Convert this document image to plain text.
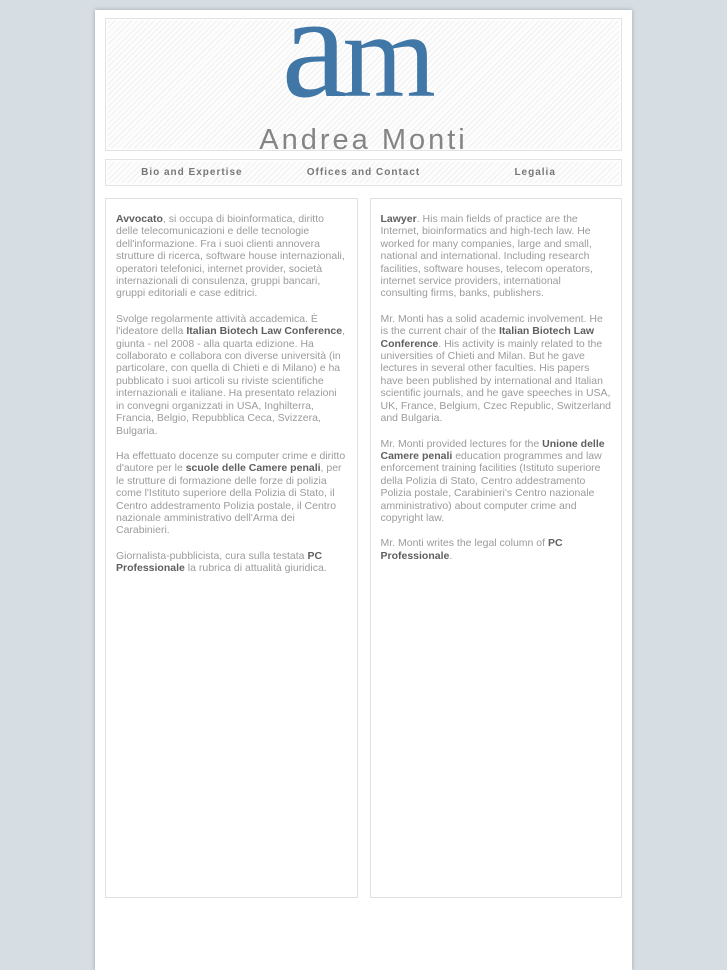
a
m
Andrea Monti
Bio and Expertise	Offices and Contact	Legalia

Avvocato, si occupa di bioinformatica, diritto delle telecomunicazioni e delle tecnologie dell'informazione. Fra i suoi clienti annovera strutture di ricerca, software house internazionali, operatori telefonici, internet provider, società internazionali di consulenza, gruppi bancari, gruppi editoriali e case editrici.

Svolge regolarmente attività accademica. È l'ideatore della Italian Biotech Law Conference, giunta - nel 2008 - alla quarta edizione. Ha collaborato e collabora con diverse università (in particolare, con quella di Chieti e di Milano) e ha pubblicato i suoi articoli su riviste scientifiche internazionali e italiane. Ha presentato relazioni in convegni organizzati in USA, Inghilterra, Francia, Belgio, Repubblica Ceca, Svizzera, Bulgaria.

Ha effettuato docenze su computer crime e diritto d'autore per le scuole delle Camere penali, per le strutture di formazione delle forze di polizia come l'Istituto superiore della Polizia di Stato, il Centro addestramento Polizia postale, il Centro nazionale amministrativo dell'Arma dei Carabinieri.

Giornalista-pubblicista, cura sulla testata PC Professionale la rubrica di attualità giuridica.

Lawyer. His main fields of practice are the Internet, bioinformatics and high-tech law. He worked for many companies, large and small, national and international. Including research facilities, software houses, telecom operators, internet service providers, international consulting firms, banks, publishers.

Mr. Monti has a solid academic involvement. He is the current chair of the Italian Biotech Law Conference. His activity is mainly related to the universities of Chieti and Milan. But he gave lectures in several other faculties. His papers have been published by international and Italian scientific journals, and he gave speeches in USA, UK, France, Belgium, Czec Republic, Switzerland and Bulgaria.

Mr. Monti provided lectures for the Unione delle Camere penali education programmes and law enforcement training facilities (Istituto superiore della Polizia di Stato, Centro addestramento Polizia postale, Carabinieri's Centro nazionale amministrativo) about computer crime and copyright law.

Mr. Monti writes the legal column of PC Professionale.
